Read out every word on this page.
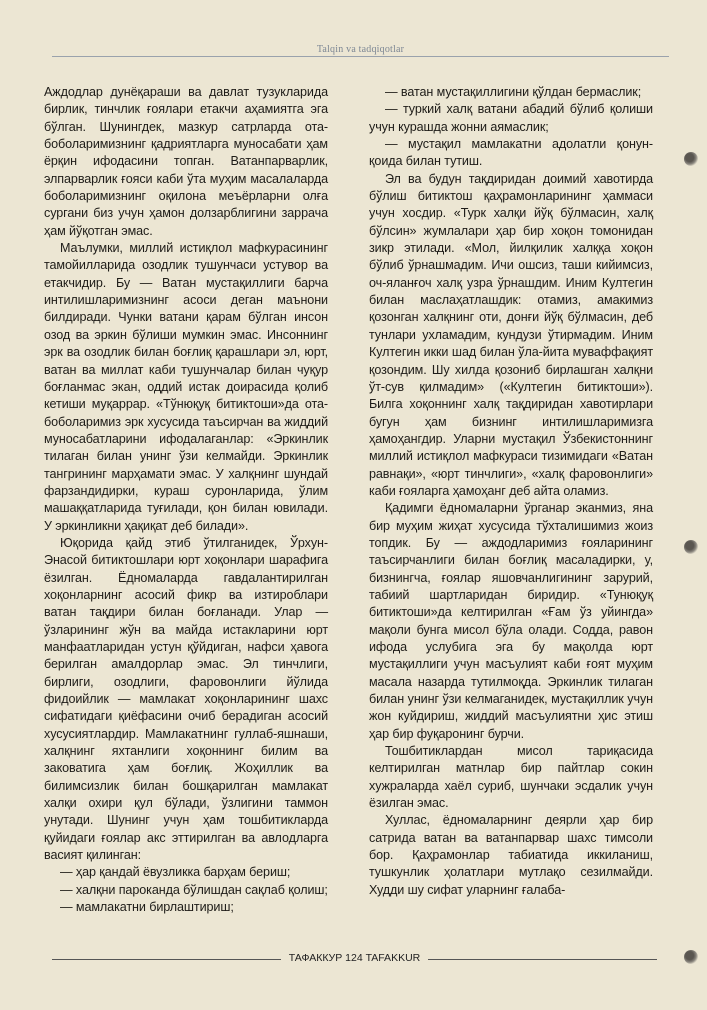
Talqin va tadqiqotlar

Аждодлар дунёқараши ва давлат тузукларида бирлик, тинчлик ғоялари етакчи аҳамиятга эга бўлган. Шунингдек, мазкур сатрларда ота-боболаримизнинг қадриятларга муносабати ҳам ёрқин ифодасини топган. Ватанпарварлик, элпарварлик ғояси каби ўта муҳим масалаларда боболаримизнинг оқилона меъёрларни олға сургани биз учун ҳамон долзарблигини заррача ҳам йўқотган эмас.

Маълумки, миллий истиқлол мафкурасининг тамойилларида озодлик тушунчаси устувор ва етакчидир. Бу — Ватан мустақиллиги барча интилишларимизнинг асоси деган маънони билдиради. Чунки ватани қарам бўлган инсон озод ва эркин бўлиши мумкин эмас. Инсоннинг эрк ва озодлик билан боғлиқ қарашлари эл, юрт, ватан ва миллат каби тушунчалар билан чуқур боғланмас экан, оддий истак доирасида қолиб кетиши муқаррар. «Тўнюқуқ битиктоши»да ота-боболаримиз эрк хусусида таъсирчан ва жиддий муносабатларини ифодалаганлар: «Эркинлик тилаган билан унинг ўзи келмайди. Эркинлик тангрининг марҳамати эмас. У халқнинг шундай фарзандидирки, кураш суронларида, ўлим машаққатларида туғилади, қон билан ювилади. У эркинликни ҳақиқат деб билади».

Юқорида қайд этиб ўтилганидек, Ўрхун-Энасой битиктошлари юрт хоқонлари шарафига ёзилган. Ёдномаларда гавдалантирилган хоқонларнинг асосий фикр ва изтироблари ватан тақдири билан боғланади. Улар — ўзларининг жўн ва майда истакларини юрт манфаатларидан устун қўйдиган, нафси ҳавога берилган амалдорлар эмас. Эл тинчлиги, бирлиги, озодлиги, фаровонлиги йўлида фидоийлик — мамлакат хоқонларининг шахс сифатидаги қиёфасини очиб берадиган асосий хусусиятлардир. Мамлакатнинг гуллаб-яшнаши, халқнинг яхтанлиги хоқоннинг билим ва заковатига ҳам боғлиқ. Жоҳиллик ва билимсизлик билан бошқарилган мамлакат халқи охири қул бўлади, ўзлигини таммон унутади. Шунинг учун ҳам тошбитикларда қуйидаги ғоялар акс эттирилган ва авлодларга васият қилинган:

— ҳар қандай ёвузликка барҳам бериш;

— халқни пароканда бўлишдан сақлаб қолиш;

— мамлакатни бирлаштириш;

— ватан мустақиллигини қўлдан бермаслик;

— туркий халқ ватани абадий бўлиб қолиши учун курашда жонни аямаслик;

— мустақил мамлакатни адолатли қонун-қоида билан тутиш.

Эл ва будун тақдиридан доимий хавотирда бўлиш битиктош қаҳрамонларининг ҳаммаси учун хосдир. «Турк халқи йўқ бўлмасин, халқ бўлсин» жумлалари ҳар бир хоқон томонидан зикр этилади. «Мол, йилқилик халққа хоқон бўлиб ўрнашмадим. Ичи ошсиз, таши кийимсиз, оч-яланғоч халқ узра ўрнашдим. Иним Култегин билан маслаҳатлашдик: отамиз, амакимиз қозонган халқнинг оти, донғи йўқ бўлмасин, деб тунлари ухламадим, кундузи ўтирмадим. Иним Култегин икки шад билан ўла-йита муваффақият қозондим. Шу хилда қозониб бирлашган халқни ўт-сув қилмадим» («Култегин битиктоши»). Билга хоқоннинг халқ тақдиридан хавотирлари бугун ҳам бизнинг интилишларимизга ҳамоҳангдир. Уларни мустақил Ўзбекистоннинг миллий истиқлол мафкураси тизимидаги «Ватан равнақи», «юрт тинчлиги», «халқ фаровонлиги» каби ғояларга ҳамоҳанг деб айта оламиз.

Қадимги ёдномаларни ўрганар эканмиз, яна бир муҳим жиҳат хусусида тўхталишимиз жоиз топдик. Бу — аждодларимиз ғояларининг таъсирчанлиги билан боғлиқ масаладирки, у, бизнингча, ғоялар яшовчанлигининг зарурий, табиий шартларидан биридир. «Тунюқуқ битиктоши»да келтирилган «Ғам ўз уйингда» мақоли бунга мисол бўла олади. Содда, равон ифода услубига эга бу мақолда юрт мустақиллиги учун масъулият каби ғоят муҳим масала назарда тутилмоқда. Эркинлик тилаган билан унинг ўзи келмаганидек, мустақиллик учун жон куйдириш, жиддий масъулиятни ҳис этиш ҳар бир фуқаронинг бурчи.

Тошбитиклардан мисол тариқасида келтирилган матнлар бир пайтлар сокин хужраларда хаёл суриб, шунчаки эсдалик учун ёзилган эмас.

Хуллас, ёдномаларнинг деярли ҳар бир сатрида ватан ва ватанпарвар шахс тимсоли бор. Қаҳрамонлар табиатида иккиланиш, тушкунлик ҳолатлари мутлақо сезилмайди. Худди шу сифат уларнинг ғалаба-

ТАФАККУР 124 TAFAKKUR
